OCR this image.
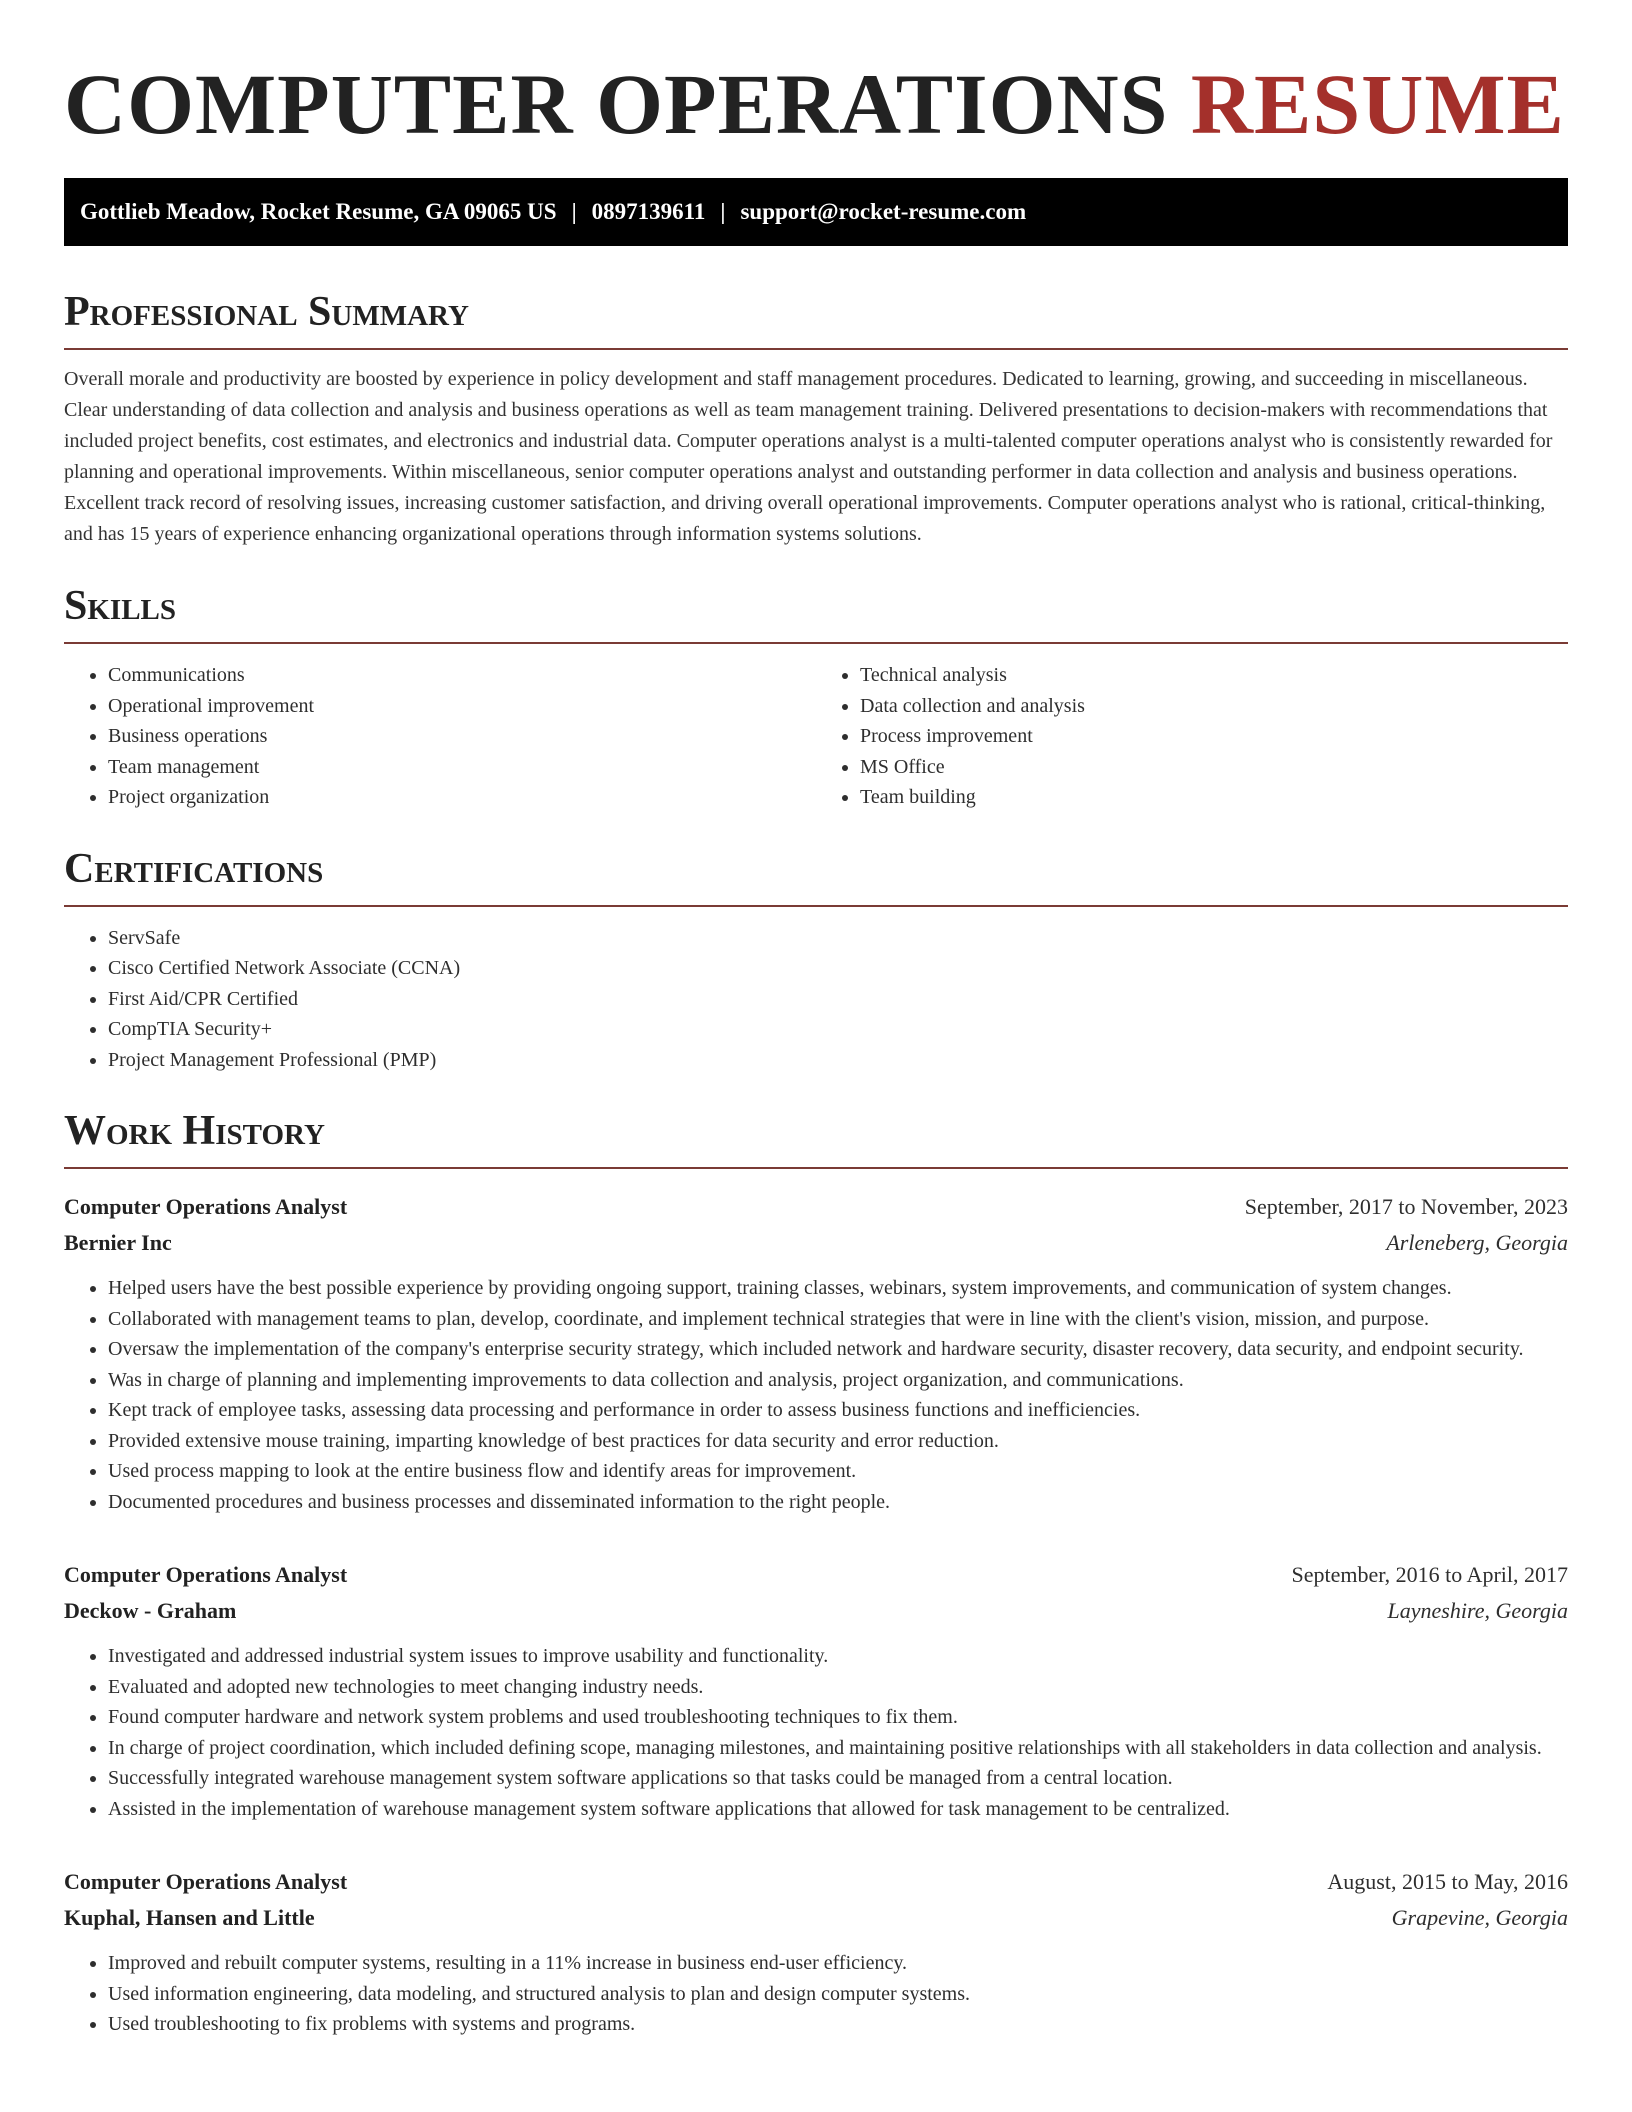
COMPUTER OPERATIONS RESUME
Gottlieb Meadow, Rocket Resume, GA 09065 US | 0897139611 | support@rocket-resume.com
Professional Summary

Overall morale and productivity are boosted by experience in policy development and staff management procedures. Dedicated to learning, growing, and succeeding in miscellaneous. Clear understanding of data collection and analysis and business operations as well as team management training. Delivered presentations to decision-makers with recommendations that included project benefits, cost estimates, and electronics and industrial data. Computer operations analyst is a multi-talented computer operations analyst who is consistently rewarded for planning and operational improvements. Within miscellaneous, senior computer operations analyst and outstanding performer in data collection and analysis and business operations. Excellent track record of resolving issues, increasing customer satisfaction, and driving overall operational improvements. Computer operations analyst who is rational, critical-thinking, and has 15 years of experience enhancing organizational operations through information systems solutions.

Skills
• Communications
• Operational improvement
• Business operations
• Team management
• Project organization
• Technical analysis
• Data collection and analysis
• Process improvement
• MS Office
• Team building
Certifications
• ServSafe
• Cisco Certified Network Associate (CCNA)
• First Aid/CPR Certified
• CompTIA Security+
• Project Management Professional (PMP)
Work History
Computer Operations Analyst	September, 2017 to November, 2023
Bernier Inc	Arleneberg, Georgia
• Helped users have the best possible experience by providing ongoing support, training classes, webinars, system improvements, and communication of system changes.
• Collaborated with management teams to plan, develop, coordinate, and implement technical strategies that were in line with the client's vision, mission, and purpose.
• Oversaw the implementation of the company's enterprise security strategy, which included network and hardware security, disaster recovery, data security, and endpoint security.
• Was in charge of planning and implementing improvements to data collection and analysis, project organization, and communications.
• Kept track of employee tasks, assessing data processing and performance in order to assess business functions and inefficiencies.
• Provided extensive mouse training, imparting knowledge of best practices for data security and error reduction.
• Used process mapping to look at the entire business flow and identify areas for improvement.
• Documented procedures and business processes and disseminated information to the right people.
Computer Operations Analyst	September, 2016 to April, 2017
Deckow - Graham	Layneshire, Georgia
• Investigated and addressed industrial system issues to improve usability and functionality.
• Evaluated and adopted new technologies to meet changing industry needs.
• Found computer hardware and network system problems and used troubleshooting techniques to fix them.
• In charge of project coordination, which included defining scope, managing milestones, and maintaining positive relationships with all stakeholders in data collection and analysis.
• Successfully integrated warehouse management system software applications so that tasks could be managed from a central location.
• Assisted in the implementation of warehouse management system software applications that allowed for task management to be centralized.
Computer Operations Analyst	August, 2015 to May, 2016
Kuphal, Hansen and Little	Grapevine, Georgia
• Improved and rebuilt computer systems, resulting in a 11% increase in business end-user efficiency.
• Used information engineering, data modeling, and structured analysis to plan and design computer systems.
• Used troubleshooting to fix problems with systems and programs.
